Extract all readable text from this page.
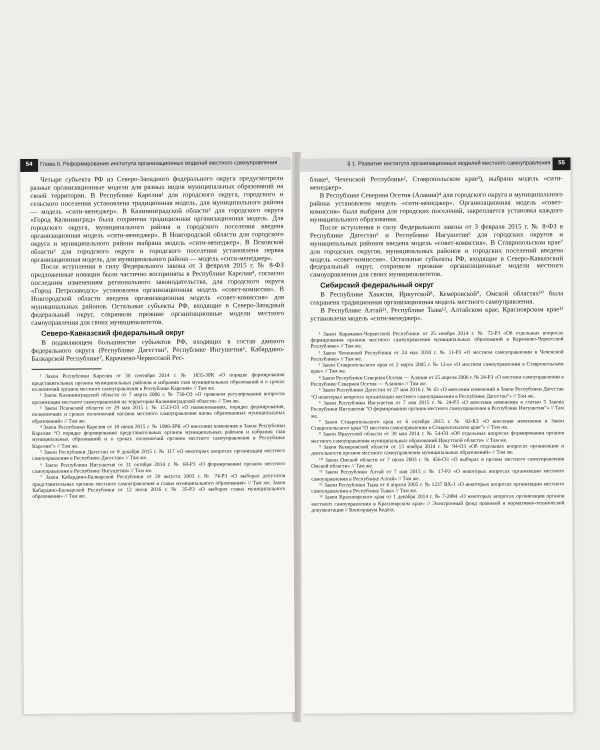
54	Глава II. Реформирование института организационных моделей местного самоуправления

Четыре субъекта РФ из Северо-Западного федерального округа предусмотрели разные организационные модели для разных видов муниципальных образований на своей территории. В Республике Карелия¹ для городского округа, городского и сельского поселения установлена традиционная модель, для муниципального района — модель «сити-менеджер». В Калининградской области² для городского округа «Город Калининград» была сохранена традиционная организационная модель. Для городского округа, муниципального района и городского поселения введена организационная модель «сити-менеджер». В Новгородской области для городского округа и муниципального района выбрана модель «сити-менеджер». В Псковской области³ для городского округа и городского поселения установлена первая организационная модель, для муниципального района — модель «сити-менеджер».

После вступления в силу Федерального закона от 3 февраля 2015 г. № 8-ФЗ предложенные новации были частично восприняты в Республике Карелия⁴, согласно последним изменениям регионального законодательства, для городского округа «Город Петрозаводск» установлена организационная модель «совет-комиссия». В Новгородской области введена организационная модель «совет-комиссия» для муниципальных районов. Остальные субъекты РФ, входящие в Северо-Западный федеральный округ, сохранили прежние организационные модели местного самоуправления для своих муниципалитетов.

Северо-Кавказский федеральный округ

В подавляющем большинстве субъектов РФ, входящих в состав данного федерального округа (Республике Дагестан⁵, Республике Ингушетия⁶, Кабардино-Балкарской Республике⁷, Карачаево-Черкесской Рес-

¹ Закон Республики Карелия от 30 сентября 2014 г. № 1835-ЗРК «О порядке формирования представительных органов муниципальных районов и избрания глав муниципальных образований и о сроках полномочий органов местного самоуправления в Республике Карелия» // Там же.

² Закон Калининградской области от 7 марта 2006 г. № 730-ОЗ «О правовом регулировании вопросов организации местного самоуправления на территории Калининградской области» // Там же.

³ Закон Псковской области от 29 мая 2015 г. № 1533-ОЗ «О наименованиях, порядке формирования, полномочиях и сроках полномочий органов местного самоуправления вновь образованных муниципальных образований» // Там же.

⁴ Закон Республики Карелия от 18 июня 2015 г. № 1906-ЗРК «О внесении изменения в Закон Республики Карелия “О порядке формирования представительных органов муниципальных районов и избрания глав муниципальных образований и о сроках полномочий органов местного самоуправления в Республике Карелия”» // Там же.

⁵ Закон Республики Дагестан от 8 декабря 2015 г. № 117 «О некоторых вопросах организации местного самоуправления в Республике Дагестан» // Там же.

⁶ Закон Республики Ингушетия от 31 октября 2014 г. № 60-РЗ «О формировании органов местного самоуправления в Республике Ингушетия» // Там же.

⁷ Закон Кабардино-Балкарской Республики от 20 августа 2003 г. № 74-РЗ «О выборах депутатов представительных органов местного самоуправления и главы муниципального образования» // Там же; Закон Кабардино-Балкарской Республики от 12 июля 2016 г. № 35-РЗ «О выборах главы муниципального образования» // Там же.

§ 1. Развитие института организационных моделей местного самоуправления	55

блике¹, Чеченской Республике², Ставропольском крае³), выбрана модель «сити-менеджер».

В Республике Северная Осетия (Алания)⁴ для городского округа и муниципального района установлена модель «сити-менеджер». Организационная модель «совет-комиссия» была выбрана для городских поселений, закрепляется установка каждого муниципального образования.

После вступления в силу Федерального закона от 3 февраля 2015 г. № 8-ФЗ в Республике Дагестан⁵ и Республике Ингушетия⁶ для городских округов и муниципальных районов введена модель «совет-комиссия». В Ставропольском крае⁷ для городских округов, муниципальных районов и городских поселений введена модель «совет-комиссия». Остальные субъекты РФ, входящие в Северо-Кавказский федеральный округ, сохранили прежние организационные модели местного самоуправления для своих муниципалитетов.

Сибирский федеральный округ

В Республике Хакасия, Иркутской⁸, Кемеровской⁹, Омской областях¹⁰ была сохранена традиционная организационная модель местного самоуправления.

В Республике Алтай¹¹, Республике Тыва¹², Алтайском крае, Красноярском крае¹³ установлена модель «сити-менеджер».

¹ Закон Карачаево-Черкесской Республики от 25 ноября 2014 г. № 72-РЗ «Об отдельных вопросах формирования органов местного самоуправления муниципальных образований в Карачаево-Черкесской Республике» // Там же.

² Закон Чеченской Республики от 24 мая 2010 г. № 11-РЗ «О местном самоуправлении в Чеченской Республике» // Там же.

³ Закон Ставропольского края от 2 марта 2005 г. № 12-кз «О местном самоуправлении в Ставропольском крае» // Там же.

⁴ Закон Республики Северная Осетия — Алания от 25 апреля 2006 г. № 24-РЗ «О местном самоуправлении в Республике Северная Осетия — Алания» // Там же.

⁵ Закон Республики Дагестан от 27 мая 2016 г. № 43 «О внесении изменений в Закон Республики Дагестан “О некоторых вопросах организации местного самоуправления в Республике Дагестан”» // Там же.

⁶ Закон Республики Ингушетия от 7 мая 2015 г. № 24-РЗ «О внесении изменения в статью 5 Закона Республики Ингушетия “О формировании органов местного самоуправления в Республике Ингушетия”» // Там же.

⁷ Закон Ставропольского края от 6 октября 2015 г. № 82-КЗ «О внесении изменения в Закон Ставропольского края “О местном самоуправлении в Ставропольском крае”» // Там же.

⁸ Закон Иркутской области от 30 мая 2014 г. № 54-ОЗ «Об отдельных вопросах формирования органов местного самоуправления муниципальных образований Иркутской области» // Там же.

⁹ Закон Кемеровской области от 13 ноября 2014 г. № 94-ОЗ «Об отдельных вопросах организации и деятельности органов местного самоуправления муниципальных образований» // Там же.

¹⁰ Закон Омской области от 7 июля 2003 г. № 456-ОЗ «О выборах в органы местного самоуправления Омской области» // Там же.

¹¹ Закон Республики Алтай от 7 мая 2015 г. № 17-РЗ «О некоторых вопросах организации местного самоуправления в Республике Алтай» // Там же.

¹² Закон Республики Тыва от 6 апреля 2005 г. № 1237 ВХ-1 «О некоторых вопросах организации местного самоуправления в Республике Тыва» // Там же.

¹³ Закон Красноярского края от 1 декабря 2014 г. № 7-2884 «О некоторых вопросах организации органов местного самоуправления в Красноярском крае» // Электронный фонд правовой и нормативно-технической документации // Консорциум Кодекс.
